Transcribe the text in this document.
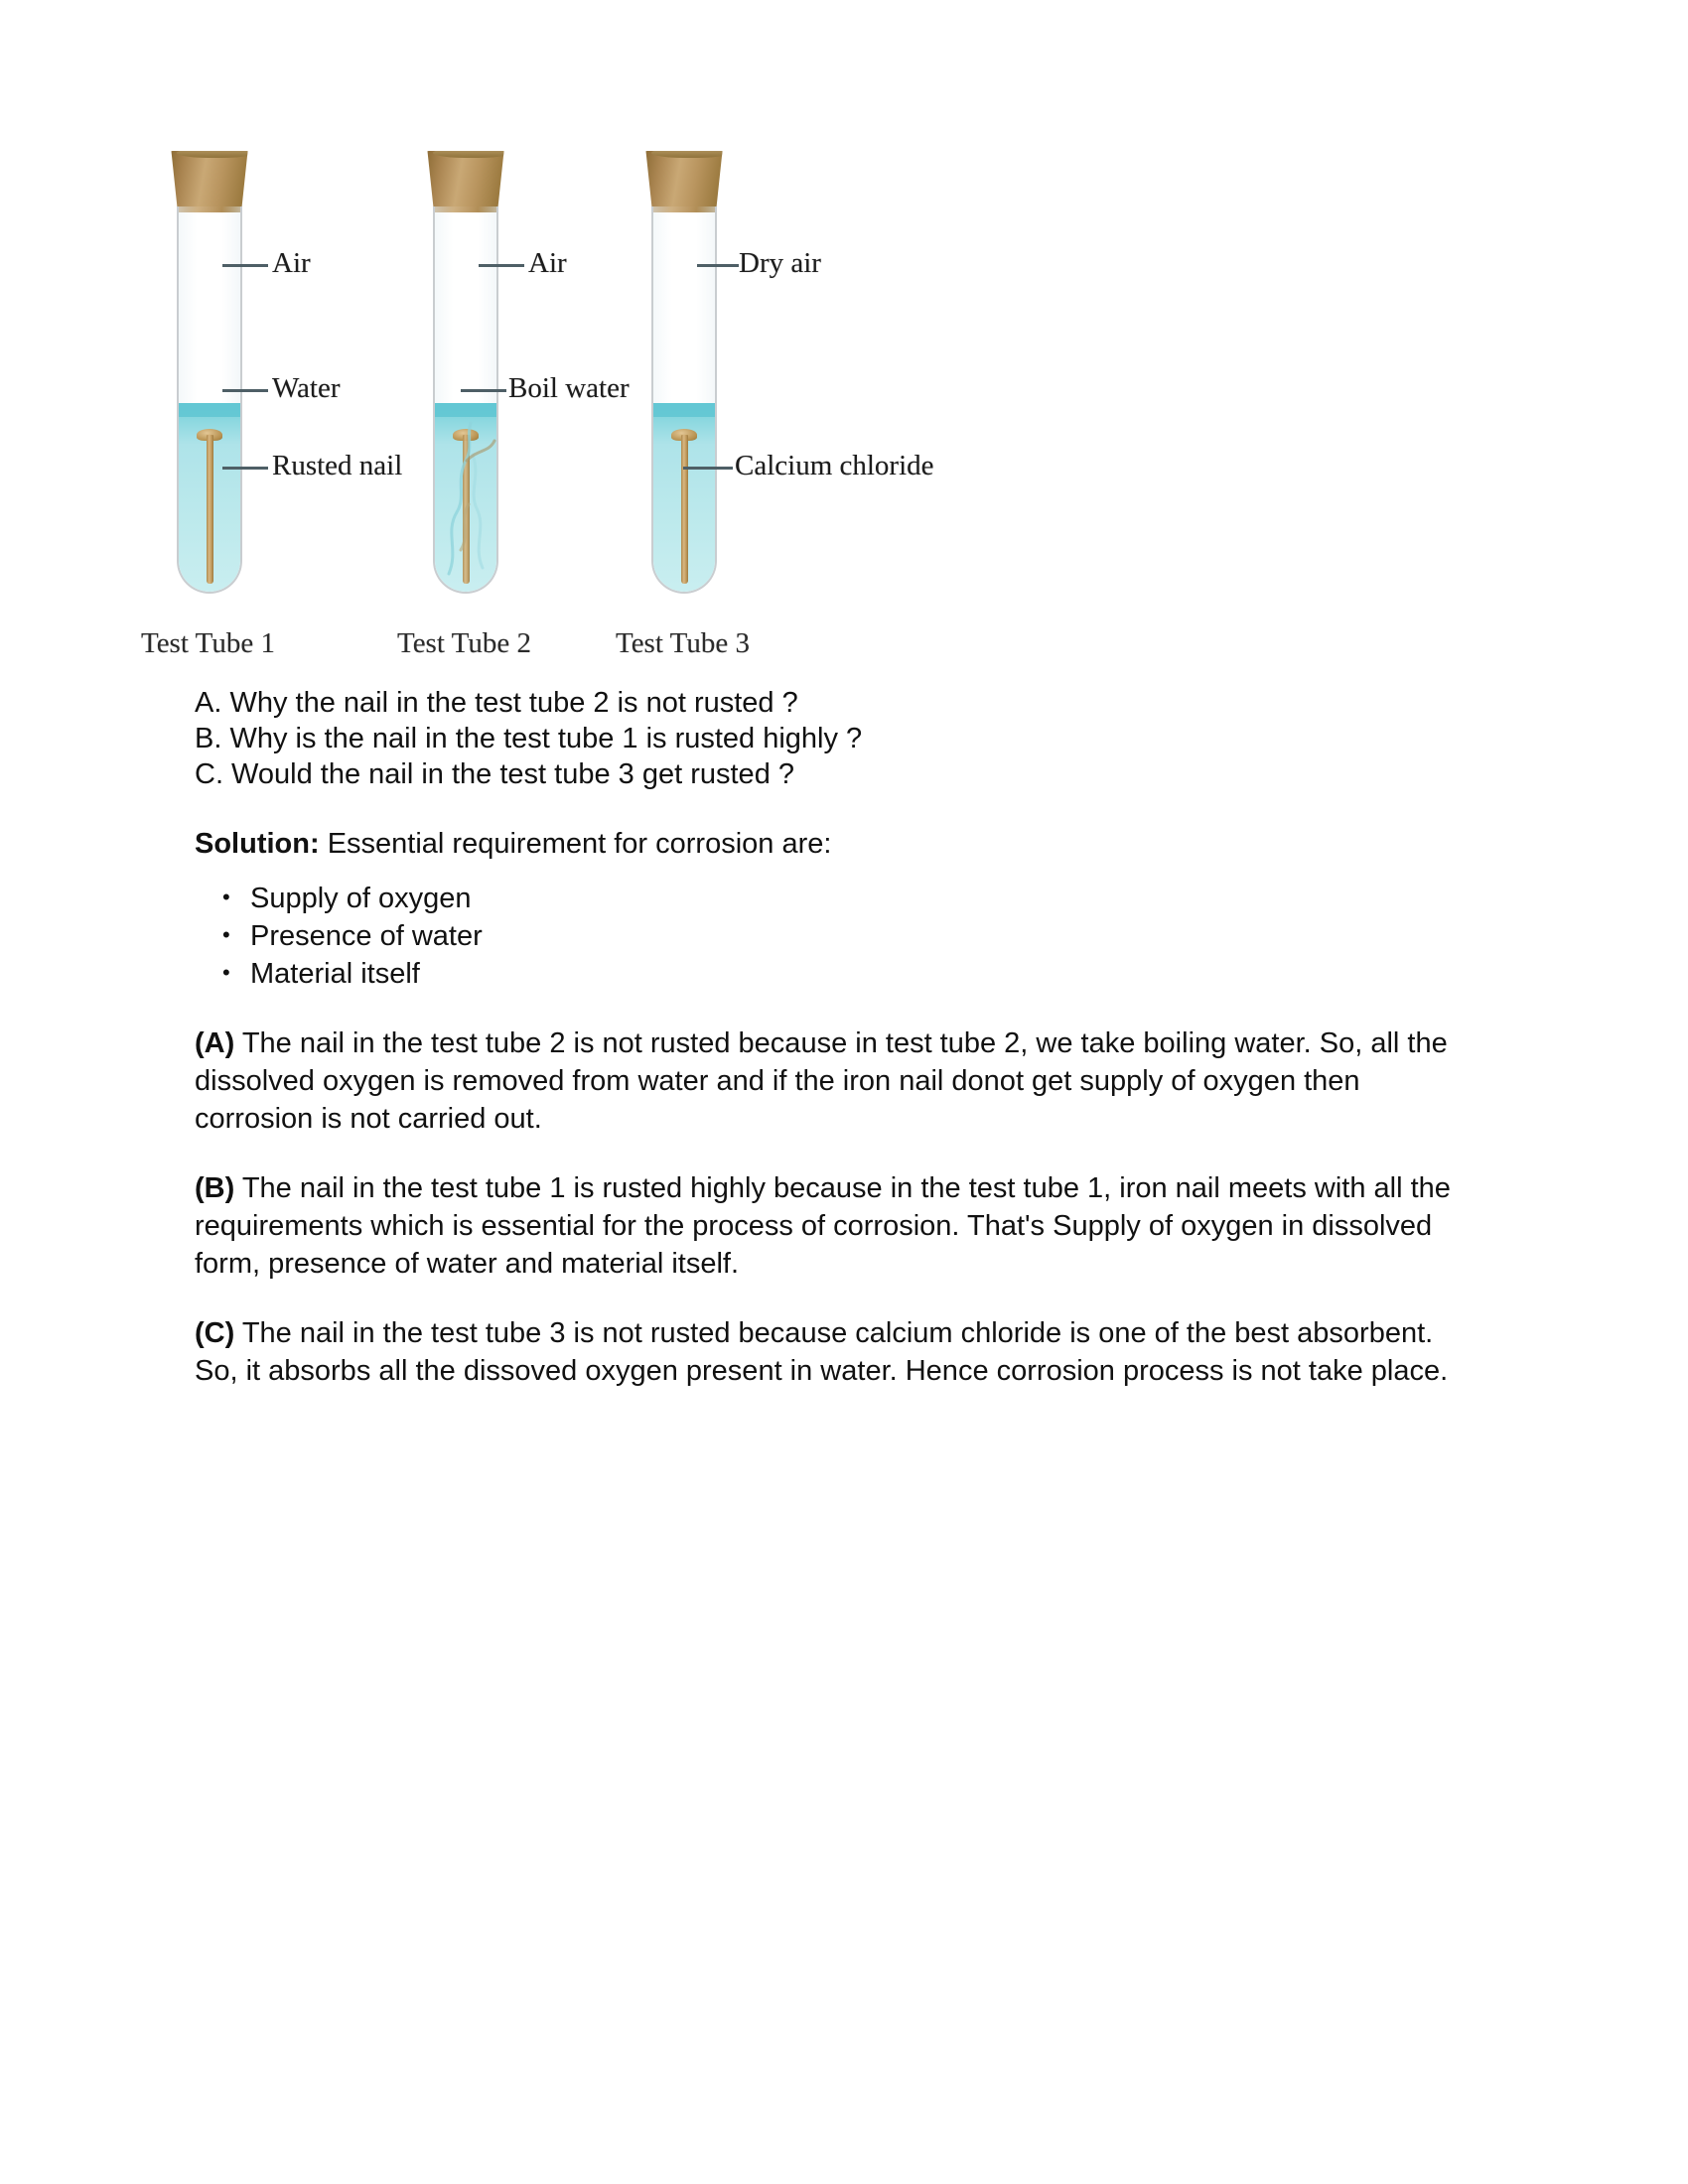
Air
Water
Rusted nail
Test Tube 1
Air
Boil water
Test Tube 2
Dry air
Calcium chloride
Test Tube 3
A. Why the nail in the test tube 2 is not rusted ?
B. Why is the nail in the test tube 1 is rusted highly ?
C. Would the nail in the test tube 3 get rusted ?
Solution: Essential requirement for corrosion are:
• Supply of oxygen
• Presence of water
• Material itself
(A) The nail in the test tube 2 is not rusted because in test tube 2, we take boiling water. So, all the dissolved oxygen is removed from water and if the iron nail donot get supply of oxygen then corrosion is not carried out.
(B) The nail in the test tube 1 is rusted highly because in the test tube 1, iron nail meets with all the requirements which is essential for the process of corrosion. That's Supply of oxygen in dissolved form, presence of water and material itself.
(C) The nail in the test tube 3 is not rusted because calcium chloride is one of the best absorbent. So, it absorbs all the dissoved oxygen present in water. Hence corrosion process is not take place.
